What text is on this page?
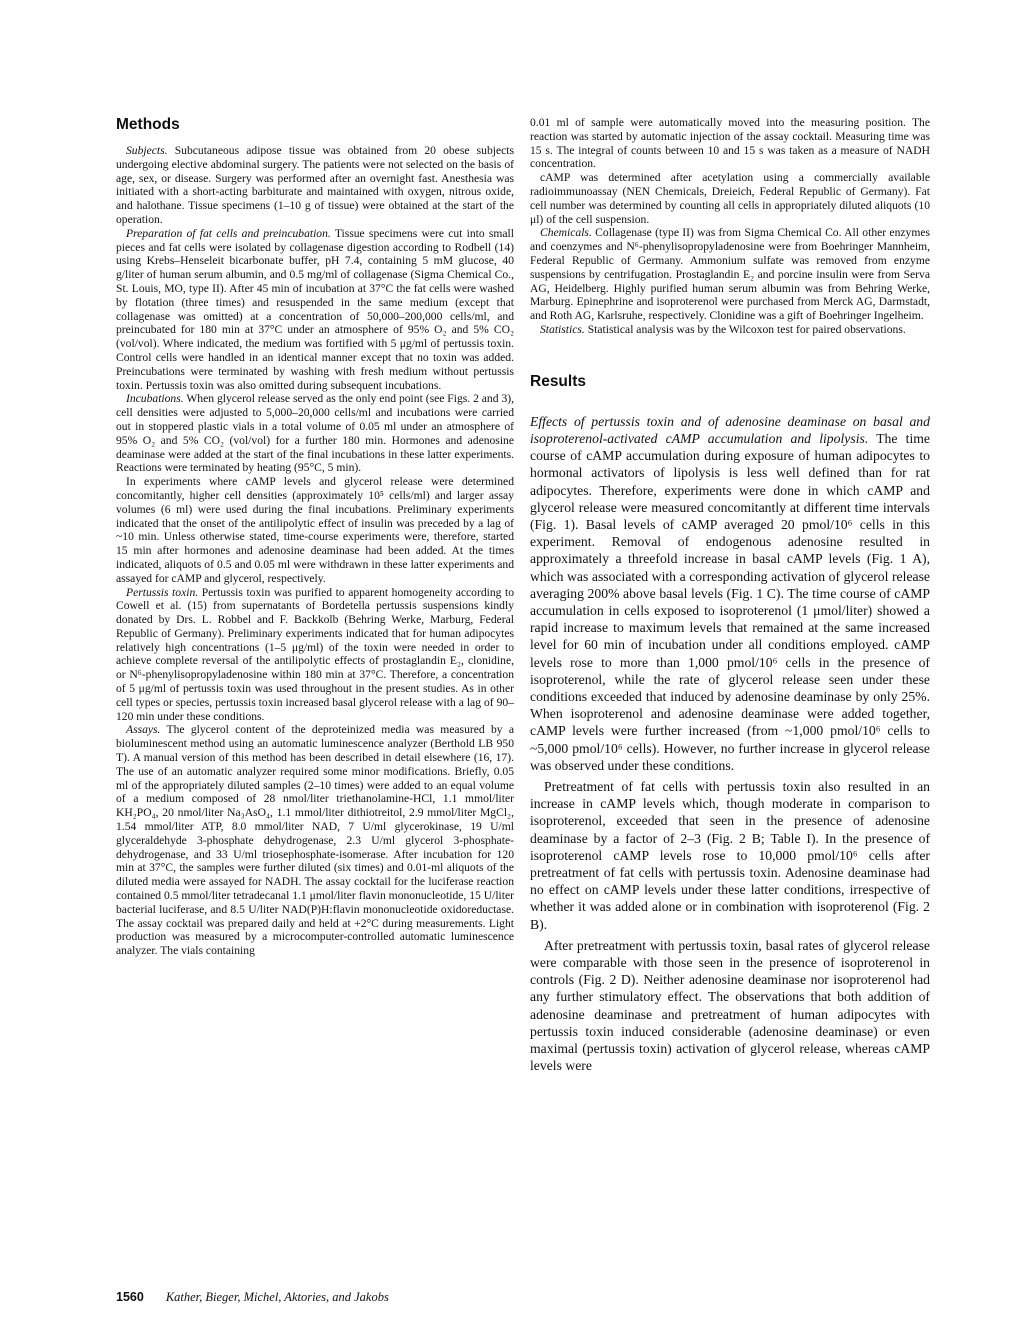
Methods

Subjects. Subcutaneous adipose tissue was obtained from 20 obese subjects undergoing elective abdominal surgery. The patients were not selected on the basis of age, sex, or disease. Surgery was performed after an overnight fast. Anesthesia was initiated with a short-acting barbiturate and maintained with oxygen, nitrous oxide, and halothane. Tissue specimens (1–10 g of tissue) were obtained at the start of the operation.

Preparation of fat cells and preincubation. Tissue specimens were cut into small pieces and fat cells were isolated by collagenase digestion according to Rodbell (14) using Krebs–Henseleit bicarbonate buffer, pH 7.4, containing 5 mM glucose, 40 g/liter of human serum albumin, and 0.5 mg/ml of collagenase (Sigma Chemical Co., St. Louis, MO, type II). After 45 min of incubation at 37°C the fat cells were washed by flotation (three times) and resuspended in the same medium (except that collagenase was omitted) at a concentration of 50,000–200,000 cells/ml, and preincubated for 180 min at 37°C under an atmosphere of 95% O₂ and 5% CO₂ (vol/vol). Where indicated, the medium was fortified with 5 μg/ml of pertussis toxin. Control cells were handled in an identical manner except that no toxin was added. Preincubations were terminated by washing with fresh medium without pertussis toxin. Pertussis toxin was also omitted during subsequent incubations.

Incubations. When glycerol release served as the only end point (see Figs. 2 and 3), cell densities were adjusted to 5,000–20,000 cells/ml and incubations were carried out in stoppered plastic vials in a total volume of 0.05 ml under an atmosphere of 95% O₂ and 5% CO₂ (vol/vol) for a further 180 min. Hormones and adenosine deaminase were added at the start of the final incubations in these latter experiments. Reactions were terminated by heating (95°C, 5 min).

In experiments where cAMP levels and glycerol release were determined concomitantly, higher cell densities (approximately 10⁵ cells/ml) and larger assay volumes (6 ml) were used during the final incubations. Preliminary experiments indicated that the onset of the antilipolytic effect of insulin was preceded by a lag of ~10 min. Unless otherwise stated, time-course experiments were, therefore, started 15 min after hormones and adenosine deaminase had been added. At the times indicated, aliquots of 0.5 and 0.05 ml were withdrawn in these latter experiments and assayed for cAMP and glycerol, respectively.

Pertussis toxin. Pertussis toxin was purified to apparent homogeneity according to Cowell et al. (15) from supernatants of Bordetella pertussis suspensions kindly donated by Drs. L. Robbel and F. Backkolb (Behring Werke, Marburg, Federal Republic of Germany). Preliminary experiments indicated that for human adipocytes relatively high concentrations (1–5 μg/ml) of the toxin were needed in order to achieve complete reversal of the antilipolytic effects of prostaglandin E₂, clonidine, or N⁶-phenylisopropyladenosine within 180 min at 37°C. Therefore, a concentration of 5 μg/ml of pertussis toxin was used throughout in the present studies. As in other cell types or species, pertussis toxin increased basal glycerol release with a lag of 90–120 min under these conditions.

Assays. The glycerol content of the deproteinized media was measured by a bioluminescent method using an automatic luminescence analyzer (Berthold LB 950 T). A manual version of this method has been described in detail elsewhere (16, 17). The use of an automatic analyzer required some minor modifications. Briefly, 0.05 ml of the appropriately diluted samples (2–10 times) were added to an equal volume of a medium composed of 28 nmol/liter triethanolamine-HCl, 1.1 mmol/liter KH₂PO₄, 20 nmol/liter Na₃AsO₄, 1.1 mmol/liter dithiotreitol, 2.9 mmol/liter MgCl₂, 1.54 mmol/liter ATP, 8.0 mmol/liter NAD, 7 U/ml glycerokinase, 19 U/ml glyceraldehyde 3-phosphate dehydrogenase, 2.3 U/ml glycerol 3-phosphate-dehydrogenase, and 33 U/ml triosephosphate-isomerase. After incubation for 120 min at 37°C, the samples were further diluted (six times) and 0.01-ml aliquots of the diluted media were assayed for NADH. The assay cocktail for the luciferase reaction contained 0.5 mmol/liter tetradecanal 1.1 μmol/liter flavin mononucleotide, 15 U/liter bacterial luciferase, and 8.5 U/liter NAD(P)H:flavin mononucleotide oxidoreductase. The assay cocktail was prepared daily and held at +2°C during measurements. Light production was measured by a microcomputer-controlled automatic luminescence analyzer. The vials containing

0.01 ml of sample were automatically moved into the measuring position. The reaction was started by automatic injection of the assay cocktail. Measuring time was 15 s. The integral of counts between 10 and 15 s was taken as a measure of NADH concentration.

cAMP was determined after acetylation using a commercially available radioimmunoassay (NEN Chemicals, Dreieich, Federal Republic of Germany). Fat cell number was determined by counting all cells in appropriately diluted aliquots (10 μl) of the cell suspension.

Chemicals. Collagenase (type II) was from Sigma Chemical Co. All other enzymes and coenzymes and N⁶-phenylisopropyladenosine were from Boehringer Mannheim, Federal Republic of Germany. Ammonium sulfate was removed from enzyme suspensions by centrifugation. Prostaglandin E₂ and porcine insulin were from Serva AG, Heidelberg. Highly purified human serum albumin was from Behring Werke, Marburg. Epinephrine and isoproterenol were purchased from Merck AG, Darmstadt, and Roth AG, Karlsruhe, respectively. Clonidine was a gift of Boehringer Ingelheim.

Statistics. Statistical analysis was by the Wilcoxon test for paired observations.

Results

Effects of pertussis toxin and of adenosine deaminase on basal and isoproterenol-activated cAMP accumulation and lipolysis. The time course of cAMP accumulation during exposure of human adipocytes to hormonal activators of lipolysis is less well defined than for rat adipocytes. Therefore, experiments were done in which cAMP and glycerol release were measured concomitantly at different time intervals (Fig. 1). Basal levels of cAMP averaged 20 pmol/10⁶ cells in this experiment. Removal of endogenous adenosine resulted in approximately a threefold increase in basal cAMP levels (Fig. 1 A), which was associated with a corresponding activation of glycerol release averaging 200% above basal levels (Fig. 1 C). The time course of cAMP accumulation in cells exposed to isoproterenol (1 μmol/liter) showed a rapid increase to maximum levels that remained at the same increased level for 60 min of incubation under all conditions employed. cAMP levels rose to more than 1,000 pmol/10⁶ cells in the presence of isoproterenol, while the rate of glycerol release seen under these conditions exceeded that induced by adenosine deaminase by only 25%. When isoproterenol and adenosine deaminase were added together, cAMP levels were further increased (from ~1,000 pmol/10⁶ cells to ~5,000 pmol/10⁶ cells). However, no further increase in glycerol release was observed under these conditions.

Pretreatment of fat cells with pertussis toxin also resulted in an increase in cAMP levels which, though moderate in comparison to isoproterenol, exceeded that seen in the presence of adenosine deaminase by a factor of 2–3 (Fig. 2 B; Table I). In the presence of isoproterenol cAMP levels rose to 10,000 pmol/10⁶ cells after pretreatment of fat cells with pertussis toxin. Adenosine deaminase had no effect on cAMP levels under these latter conditions, irrespective of whether it was added alone or in combination with isoproterenol (Fig. 2 B).

After pretreatment with pertussis toxin, basal rates of glycerol release were comparable with those seen in the presence of isoproterenol in controls (Fig. 2 D). Neither adenosine deaminase nor isoproterenol had any further stimulatory effect. The observations that both addition of adenosine deaminase and pretreatment of human adipocytes with pertussis toxin induced considerable (adenosine deaminase) or even maximal (pertussis toxin) activation of glycerol release, whereas cAMP levels were

1560 Kather, Bieger, Michel, Aktories, and Jakobs
